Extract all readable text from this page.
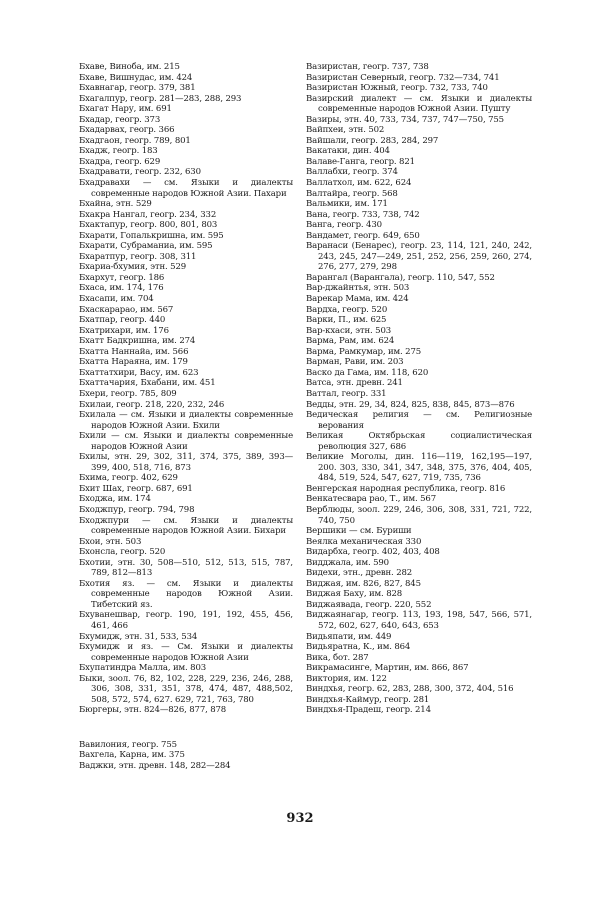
Бхаве, Виноба, им. 215
Бхаве, Вишнудас, им. 424
Бхавнагар, геогр. 379, 381
Бхагалпур, геогр. 281—283, 288, 293
Бхагат Нару, им. 691
Бхадар, геогр. 373
Бхадарвах, геогр. 366
Бхадгаон, геогр. 789, 801
Бхадж, геогр. 183
Бхадра, геогр. 629
Бхадравати, геогр. 232, 630
Бхадравахи — см. Языки и диалекты современные народов Южной Азии. Пахари
Бхайна, этн. 529
Бхакра Нангал, геогр. 234, 332
Бхактапур, геогр. 800, 801, 803
Бхарати, Гопалькришна, им. 595
Бхарати, Субраманиа, им. 595
Бхаратпур, геогр. 308, 311
Бхариа-бхумия, этн. 529
Бхархут, геогр. 186
Бхаса, им. 174, 176
Бхасапи, им. 704
Бхаскарарао, им. 567
Бхатпар, геогр. 440
Бхатрихари, им. 176
Бхатт Бадкришна, им. 274
Бхатта Наннайа, им. 566
Бхатта Нараяна, им. 179
Бхаттатхири, Васу, им. 623
Бхаттачария, Бхабани, им. 451
Бхери, геогр. 785, 809
Бхилаи, геогр. 218, 220, 232, 246
Бхилала — см. Языки и диалекты современные народов Южной Азии. Бхили
Бхили — см. Языки и диалекты современные народов Южной Азии
Бхилы, этн. 29, 302, 311, 374, 375, 389, 393—399, 400, 518, 716, 873
Бхима, геогр. 402, 629
Бхит Шах, геогр. 687, 691
Бходжа, им. 174
Бходжпур, геогр. 794, 798
Бходжпури — см. Языки и диалекты современные народов Южной Азии. Бихари
Бхои, этн. 503
Бхонсла, геогр. 520
Бхотии, этн. 30, 508—510, 512, 513, 515, 787, 789, 812—813
Бхотия яз. — см. Языки и диалекты современные народов Южной Азии. Тибетский яз.
Бхуванешвар, геогр. 190, 191, 192, 455, 456, 461, 466
Бхумидж, этн. 31, 533, 534
Бхумидж и яз. — См. Языки и диалекты современные народов Южной Азии
Бхупатиндра Малла, им. 803
Быки, зоол. 76, 82, 102, 228, 229, 236, 246, 288, 306, 308, 331, 351, 378, 474, 487, 488,502, 508, 572, 574, 627. 629, 721, 763, 780
Бюргеры, этн. 824—826, 877, 878
Вавилония, геогр. 755
Вахгела, Карна, им. 375
Ваджки, этн. древн. 148, 282—284
Вазиристан, геогр. 737, 738
Вазиристан Северный, геогр. 732—734, 741
Вазиристан Южный, геогр. 732, 733, 740
Вазирский диалект — см. Языки и диалекты современные народов Южной Азии. Пушту
Вазиры, этн. 40, 733, 734, 737, 747—750, 755
Вайпхеи, этн. 502
Вайшали, геогр. 283, 284, 297
Вакатаки, дин. 404
Валаве-Ганга, геогр. 821
Валлабхи, геогр. 374
Валлатхол, им. 622, 624
Валтайра, геогр. 568
Вальмики, им. 171
Вана, геогр. 733, 738, 742
Ванга, геогр. 430
Вандамет, геогр. 649, 650
Варанаси (Бенарес), геогр. 23, 114, 121, 240, 242, 243, 245, 247—249, 251, 252, 256, 259, 260, 274, 276, 277, 279, 298
Варангал (Варангала), геогр. 110, 547, 552
Вар-джайнтья, этн. 503
Варекар Мама, им. 424
Вардха, геогр. 520
Варки, П., им. 625
Вар-кхаси, этн. 503
Варма, Рам, им. 624
Варма, Рамкумар, им. 275
Варман, Рави, им. 203
Васко да Гама, им. 118, 620
Ватса, этн. древн. 241
Ваттал, геогр. 331
Ведды, этн. 29, 34, 824, 825, 838, 845, 873—876
Ведическая религия — см. Религиозные верования
Великая Октябрьская социалистическая революция 327, 686
Великие Моголы, дин. 116—119, 162,195—197, 200. 303, 330, 341, 347, 348, 375, 376, 404, 405, 484, 519, 524, 547, 627, 719, 735, 736
Венгерская народная республика, геогр. 816
Венкатесвара рао, Т., им. 567
Верблюды, зоол. 229, 246, 306, 308, 331, 721, 722, 740, 750
Вершики — см. Буриши
Веялка механическая 330
Видарбха, геогр. 402, 403, 408
Видджала, им. 590
Видехи, этн., древн. 282
Виджая, им. 826, 827, 845
Виджая Баху, им. 828
Виджаявада, геогр. 220, 552
Виджаянагар, геогр. 113, 193, 198, 547, 566, 571, 572, 602, 627, 640, 643, 653
Видьяпати, им. 449
Видьяратна, К., им. 864
Вика, бот. 287
Викрамасинге, Мартин, им. 866, 867
Виктория, им. 122
Виндхья, геогр. 62, 283, 288, 300, 372, 404, 516
Виндхья-Каймур, геогр. 281
Виндхья-Прадеш, геогр. 214
932
